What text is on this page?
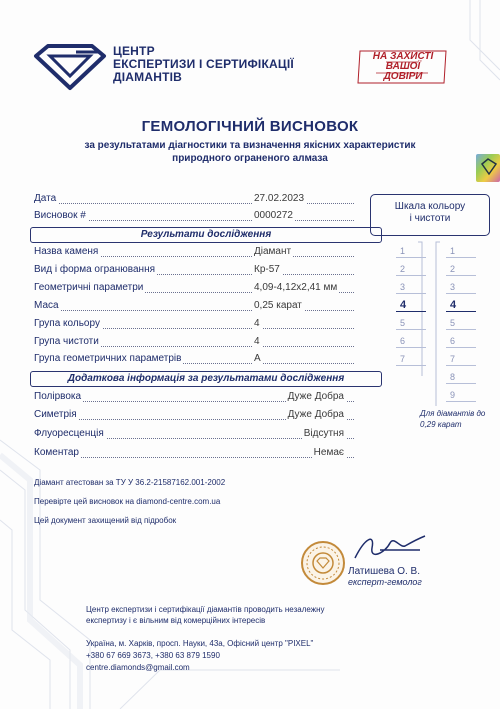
ЦЕНТР
ЕКСПЕРТИЗИ І СЕРТИФІКАЦІЇ
ДІАМАНТІВ
НА ЗАХИСТІ
ВАШОЇ
ДОВІРИ
ГЕМОЛОГІЧНИЙ ВИСНОВОК
за результатами діагностики та визначення якісних характеристик
природного ограненого алмаза
Дата	27.02.2023
Висновок #	0000272
Результати дослідження
Назва каменя	Діамант
Вид і форма огранювання	Кр-57
Геометричні параметри	4,09-4,12х2,41 мм
Маса	0,25 карат
Група кольору	4
Група чистоти	4
Група геометричних параметрів	А
Додаткова інформація за результатами дослідження
Полірвока	Дуже Добра
Симетрія	Дуже Добра
Флуоресценція	Відсутня
Коментар	Немає
Шкала кольору
і чистоти
Для діамантів до
0,29 карат
Діамант атестован за ТУ У 36.2-21587162.001-2002
Перевірте цей висновок на diamond-centre.com.ua
Цей документ захищений від підробок
Латишева О. В.
експерт-гемолог
Центр експертизи і сертифікації діамантів проводить незалежну
експертизу і є вільним від комерційних інтересів
Україна, м. Харків, просп. Науки, 43а, Офісний центр "PIXEL"
+380 67 669 3673, +380 63 879 1590
centre.diamonds@gmail.com
1
2
3
4
5
6
7
1
2
3
4
5
6
7
8
9
